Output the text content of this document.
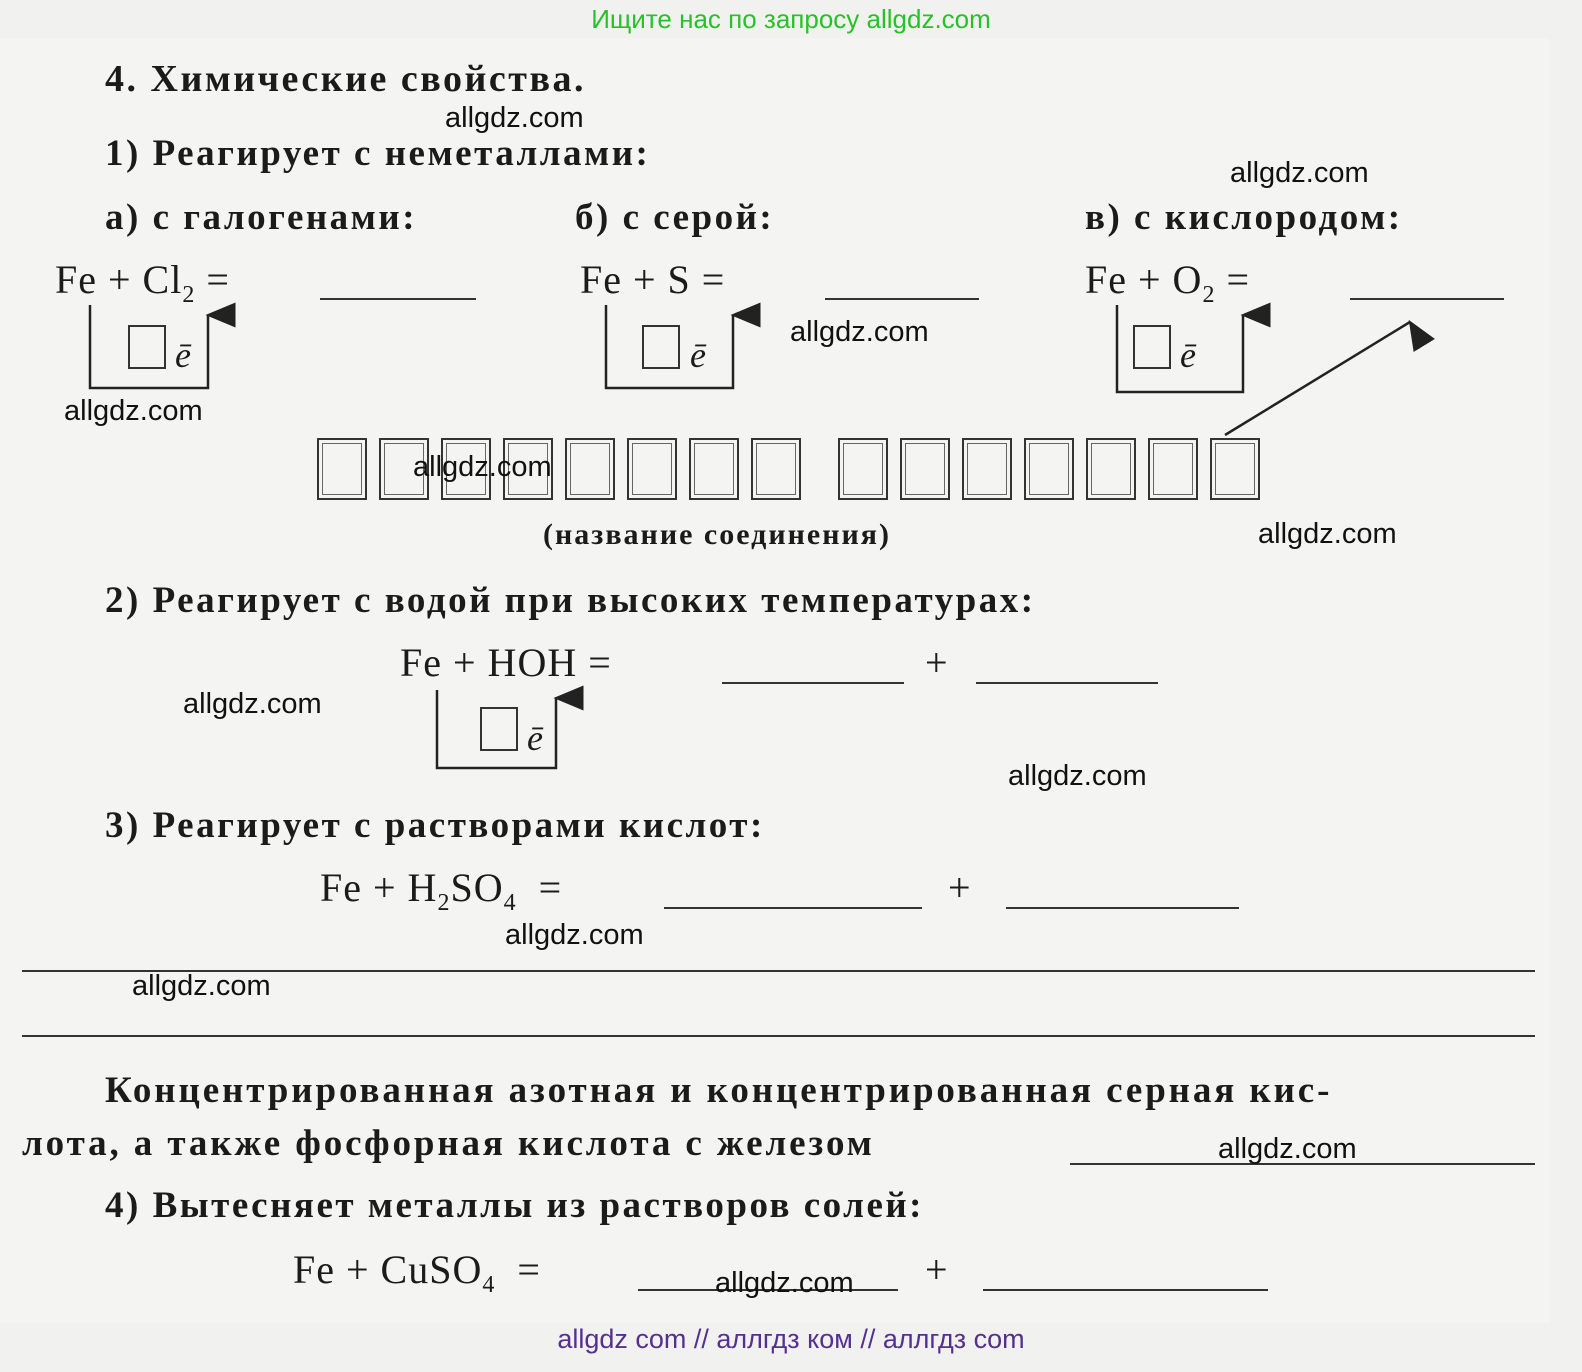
Ищите нас по запросу allgdz.com
4. Химические свойства.
1) Реагирует с неметаллами:
а) с галогенами:	б) с серой:	в) с кислородом:
$Fe + Cl_2$ =	Fe + S =	$Fe + O_2$ =
ē	ē	ē
ē
(название соединения)
2) Реагирует с водой при высоких температурах:
Fe + HOH =	+
3) Реагирует с растворами кислот:
$Fe + H_2SO_4$ =	+
Концентрированная азотная и концентрированная серная кис-
лота, а также фосфорная кислота с железом
4) Вытесняет металлы из растворов солей:
Fe + CuSO$_4$ =	+
allgdz.com
allgdz.com
allgdz.com
allgdz.com
allgdz.com
allgdz.com
allgdz.com
allgdz.com
allgdz.com
allgdz.com
allgdz.com
allgdz.com
allgdz com // аллгдз ком // аллгдз com
